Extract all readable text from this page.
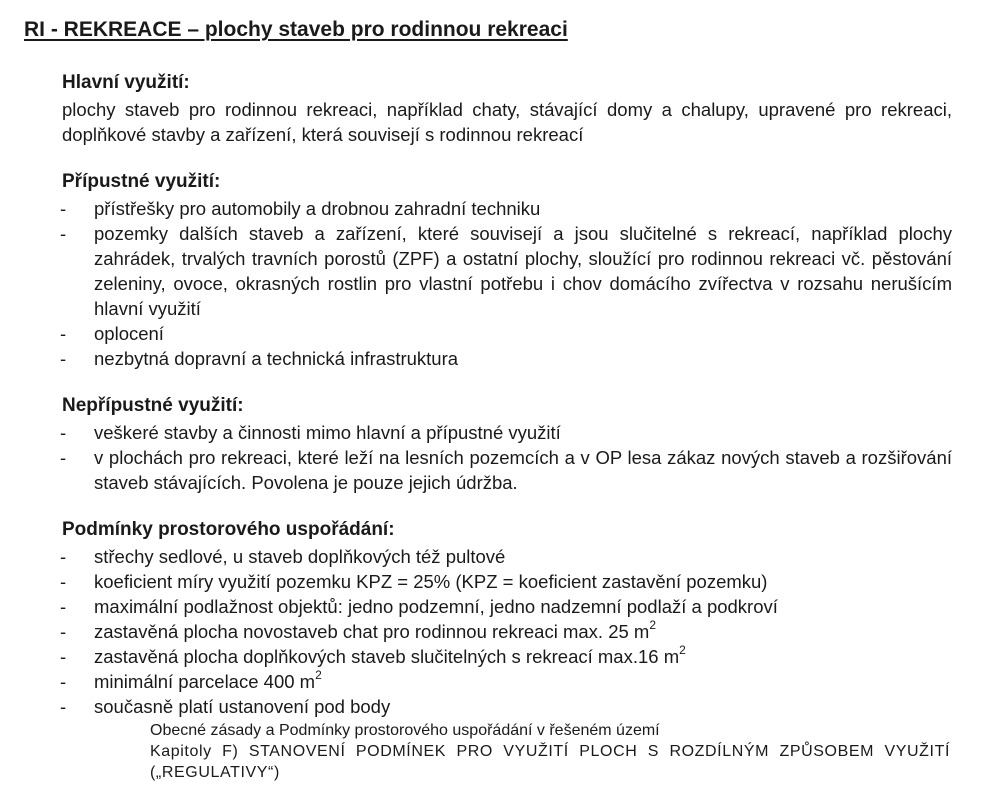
RI - REKREACE – plochy staveb pro rodinnou rekreaci
Hlavní využití:

plochy staveb pro rodinnou rekreaci, například chaty, stávající domy a chalupy, upravené pro rekreaci, doplňkové stavby a zařízení, která souvisejí s rodinnou rekreací

Přípustné využití:
- přístřešky pro automobily a drobnou zahradní techniku
- pozemky dalších staveb a zařízení, které souvisejí a jsou slučitelné s rekreací, například plochy zahrádek, trvalých travních porostů (ZPF) a ostatní plochy, sloužící pro rodinnou rekreaci vč. pěstování zeleniny, ovoce, okrasných rostlin pro vlastní potřebu i chov domácího zvířectva v rozsahu nerušícím hlavní využití
- oplocení
- nezbytná dopravní a technická infrastruktura
Nepřípustné využití:
- veškeré stavby a činnosti mimo hlavní a přípustné využití
- v plochách pro rekreaci, které leží na lesních pozemcích a v OP lesa zákaz nových staveb a rozšiřování staveb stávajících. Povolena je pouze jejich údržba.
Podmínky prostorového uspořádání:
- střechy sedlové, u staveb doplňkových též pultové
- koeficient míry využití pozemku KPZ = 25% (KPZ = koeficient zastavění pozemku)
- maximální podlažnost objektů: jedno podzemní, jedno nadzemní podlaží a podkroví
- zastavěná plocha novostaveb chat pro rodinnou rekreaci max. 25 $m^2$
- zastavěná plocha doplňkových staveb slučitelných s rekreací max.16 $m^2$
- minimální parcelace 400 $m^2$
- současně platí ustanovení pod body
Obecné zásady a Podmínky prostorového uspořádání v řešeném území
Kapitoly F) STANOVENÍ PODMÍNEK PRO VYUŽITÍ PLOCH S ROZDÍLNÝM ZPŮSOBEM VYUŽITÍ („REGULATIVY“)
